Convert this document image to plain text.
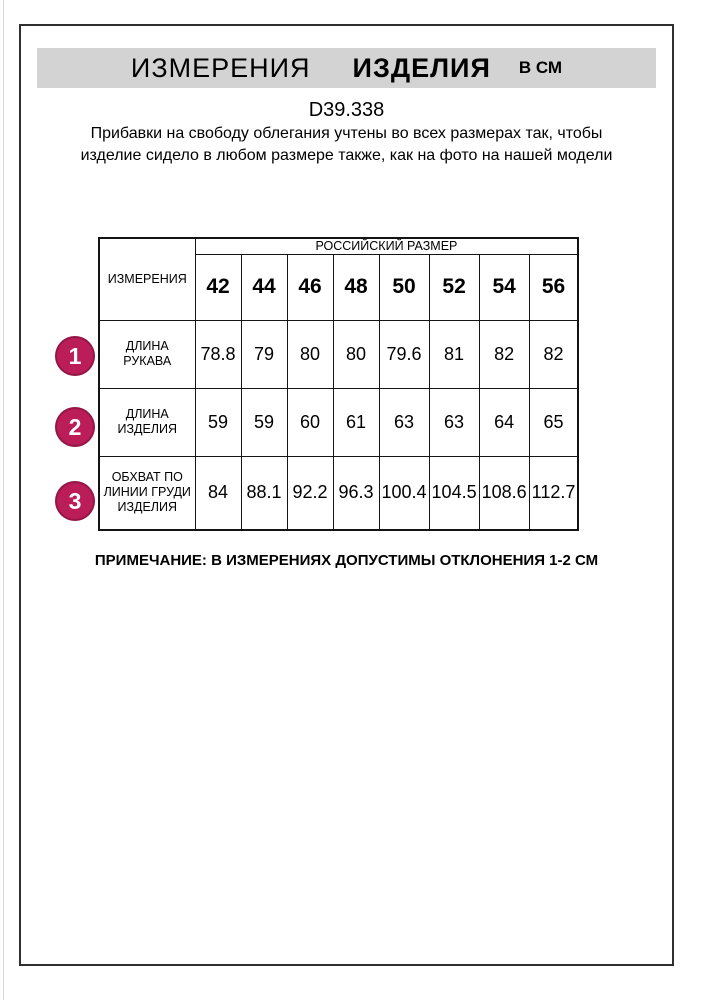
ИЗМЕРЕНИЯ ИЗДЕЛИЯ В СМ
D39.338
Прибавки на свободу облегания учтены во всех размерах так, чтобы изделие сидело в любом размере также, как на фото на нашей модели
ИЗМЕРЕНИЯ	РОССИЙСКИЙ РАЗМЕР							
	42	44	46	48	50	52	54	56
ДЛИНА РУКАВА	78.8	79	80	80	79.6	81	82	82
ДЛИНА ИЗДЕЛИЯ	59	59	60	61	63	63	64	65
ОБХВАТ ПО ЛИНИИ ГРУДИ ИЗДЕЛИЯ	84	88.1	92.2	96.3	100.4	104.5	108.6	112.7
1
2
3
ПРИМЕЧАНИЕ: В ИЗМЕРЕНИЯХ ДОПУСТИМЫ ОТКЛОНЕНИЯ 1-2 СМ
